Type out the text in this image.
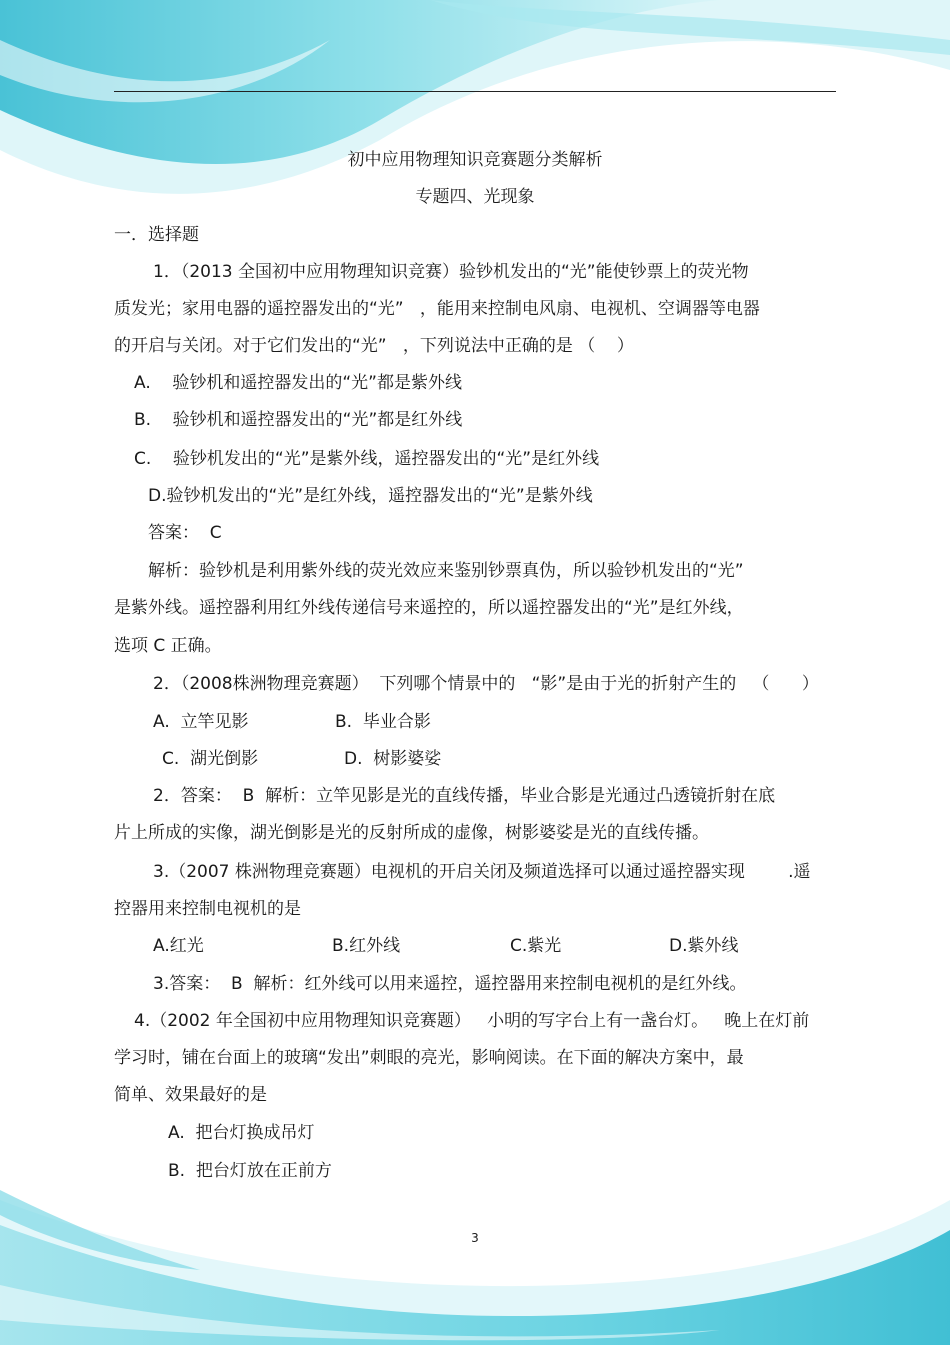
初中应用物理知识竞赛题分类解析
专题四、光现象
一．选择题
1．（2013 全国初中应用物理知识竞赛）验钞机发出的“光”能使钞票上的荧光物
质发光；家用电器的遥控器发出的“光”   ，能用来控制电风扇、电视机、空调器等电器
的开启与关闭。对于它们发出的“光”   ，下列说法中正确的是 （    ）
A.    验钞机和遥控器发出的“光”都是紫外线
B.    验钞机和遥控器发出的“光”都是红外线
C.    验钞机发出的“光”是紫外线，遥控器发出的“光”是红外线
D.验钞机发出的“光”是红外线，遥控器发出的“光”是紫外线
答案：  C
解析：验钞机是利用紫外线的荧光效应来鉴别钞票真伪，所以验钞机发出的“光”
是紫外线。遥控器利用红外线传递信号来遥控的，所以遥控器发出的“光”是红外线，
选项 C 正确。
2．（2008株洲物理竞赛题）  下列哪个情景中的   “影”是由于光的折射产生的   （      ）
A.  立竿见影	B.  毕业合影
C.  湖光倒影	D.  树影婆娑
2．答案：  B  解析：立竿见影是光的直线传播，毕业合影是光通过凸透镜折射在底
片上所成的实像，湖光倒影是光的反射所成的虚像，树影婆娑是光的直线传播。
3.（2007 株洲物理竞赛题）电视机的开启关闭及频道选择可以通过遥控器实现        .遥
控器用来控制电视机的是
A.红光	B.红外线	C.紫光	D.紫外线
3.答案：  B  解析：红外线可以用来遥控，遥控器用来控制电视机的是红外线。
4.（2002 年全国初中应用物理知识竞赛题）   小明的写字台上有一盏台灯。   晚上在灯前
学习时，铺在台面上的玻璃“发出”刺眼的亮光，影响阅读。在下面的解决方案中，最
简单、效果最好的是
A.  把台灯换成吊灯
B.  把台灯放在正前方
3
